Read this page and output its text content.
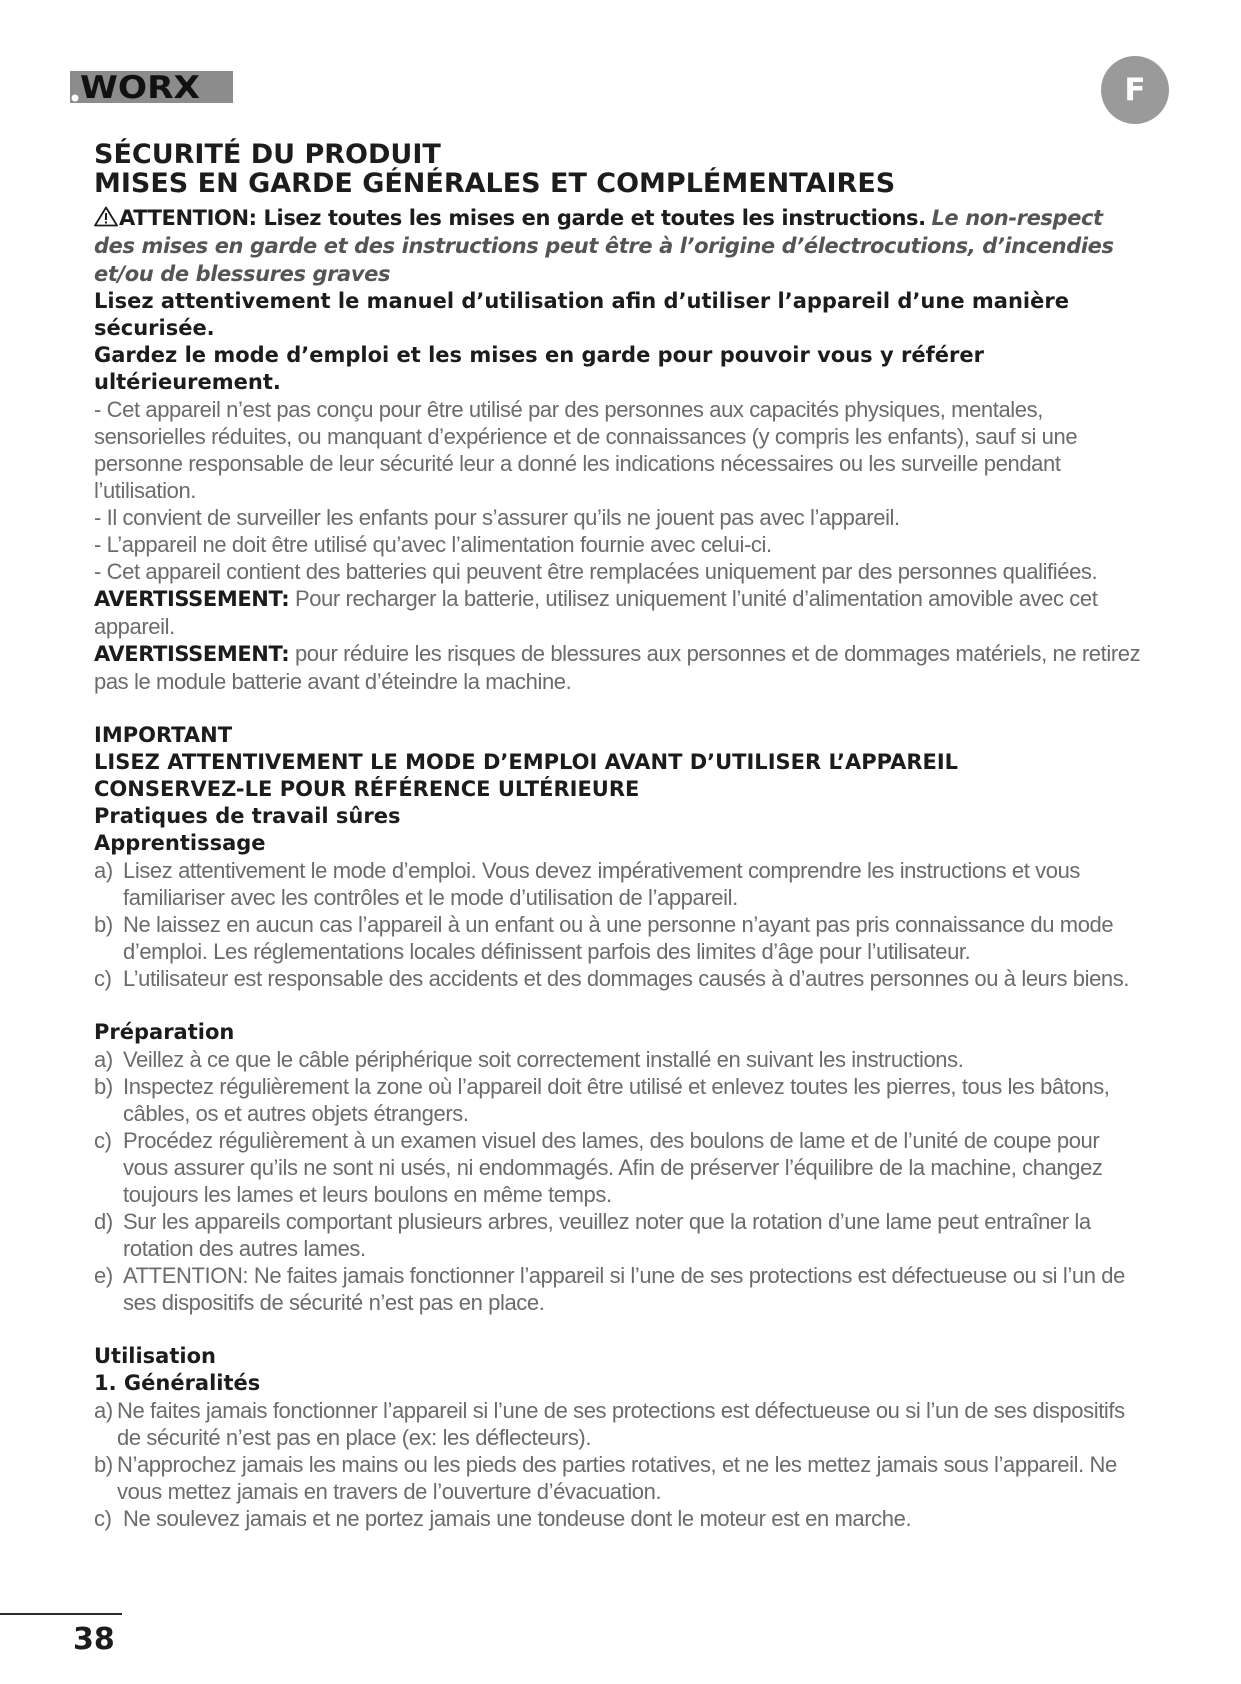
WORX	F
SÉCURITÉ DU PRODUIT
MISES EN GARDE GÉNÉRALES ET COMPLÉMENTAIRES

ATTENTION: Lisez toutes les mises en garde et toutes les instructions. Le non-respect des mises en garde et des instructions peut être à l’origine d’électrocutions, d’incendies et/ou de blessures graves

Lisez attentivement le manuel d’utilisation afin d’utiliser l’appareil d’une manière sécurisée.

Gardez le mode d’emploi et les mises en garde pour pouvoir vous y référer ultérieurement.

- Cet appareil n’est pas conçu pour être utilisé par des personnes aux capacités physiques, mentales, sensorielles réduites, ou manquant d’expérience et de connaissances (y compris les enfants), sauf si une personne responsable de leur sécurité leur a donné les indications nécessaires ou les surveille pendant l’utilisation.

- Il convient de surveiller les enfants pour s’assurer qu’ils ne jouent pas avec l’appareil.

- L’appareil ne doit être utilisé qu’avec l’alimentation fournie avec celui-ci.

- Cet appareil contient des batteries qui peuvent être remplacées uniquement par des personnes qualifiées.

AVERTISSEMENT: Pour recharger la batterie, utilisez uniquement l’unité d’alimentation amovible avec cet appareil.

AVERTISSEMENT: pour réduire les risques de blessures aux personnes et de dommages matériels, ne retirez pas le module batterie avant d’éteindre la machine.

IMPORTANT

LISEZ ATTENTIVEMENT LE MODE D’EMPLOI AVANT D’UTILISER L’APPAREIL

CONSERVEZ-LE POUR RÉFÉRENCE ULTÉRIEURE

Pratiques de travail sûres

Apprentissage

a) Lisez attentivement le mode d’emploi. Vous devez impérativement comprendre les instructions et vous familiariser avec les contrôles et le mode d’utilisation de l’appareil.
b) Ne laissez en aucun cas l’appareil à un enfant ou à une personne n’ayant pas pris connaissance du mode d’emploi. Les réglementations locales définissent parfois des limites d’âge pour l’utilisateur.
c) L’utilisateur est responsable des accidents et des dommages causés à d’autres personnes ou à leurs biens.

Préparation

a) Veillez à ce que le câble périphérique soit correctement installé en suivant les instructions.
b) Inspectez régulièrement la zone où l’appareil doit être utilisé et enlevez toutes les pierres, tous les bâtons, câbles, os et autres objets étrangers.
c) Procédez régulièrement à un examen visuel des lames, des boulons de lame et de l’unité de coupe pour vous assurer qu’ils ne sont ni usés, ni endommagés. Afin de préserver l’équilibre de la machine, changez toujours les lames et leurs boulons en même temps.
d) Sur les appareils comportant plusieurs arbres, veuillez noter que la rotation d’une lame peut entraîner la rotation des autres lames.
e) ATTENTION: Ne faites jamais fonctionner l’appareil si l’une de ses protections est défectueuse ou si l’un de ses dispositifs de sécurité n’est pas en place.

Utilisation

1. Généralités

a) Ne faites jamais fonctionner l’appareil si l’une de ses protections est défectueuse ou si l’un de ses dispositifs de sécurité n’est pas en place (ex: les déflecteurs).
b) N’approchez jamais les mains ou les pieds des parties rotatives, et ne les mettez jamais sous l’appareil. Ne vous mettez jamais en travers de l’ouverture d’évacuation.
c) Ne soulevez jamais et ne portez jamais une tondeuse dont le moteur est en marche.
38
